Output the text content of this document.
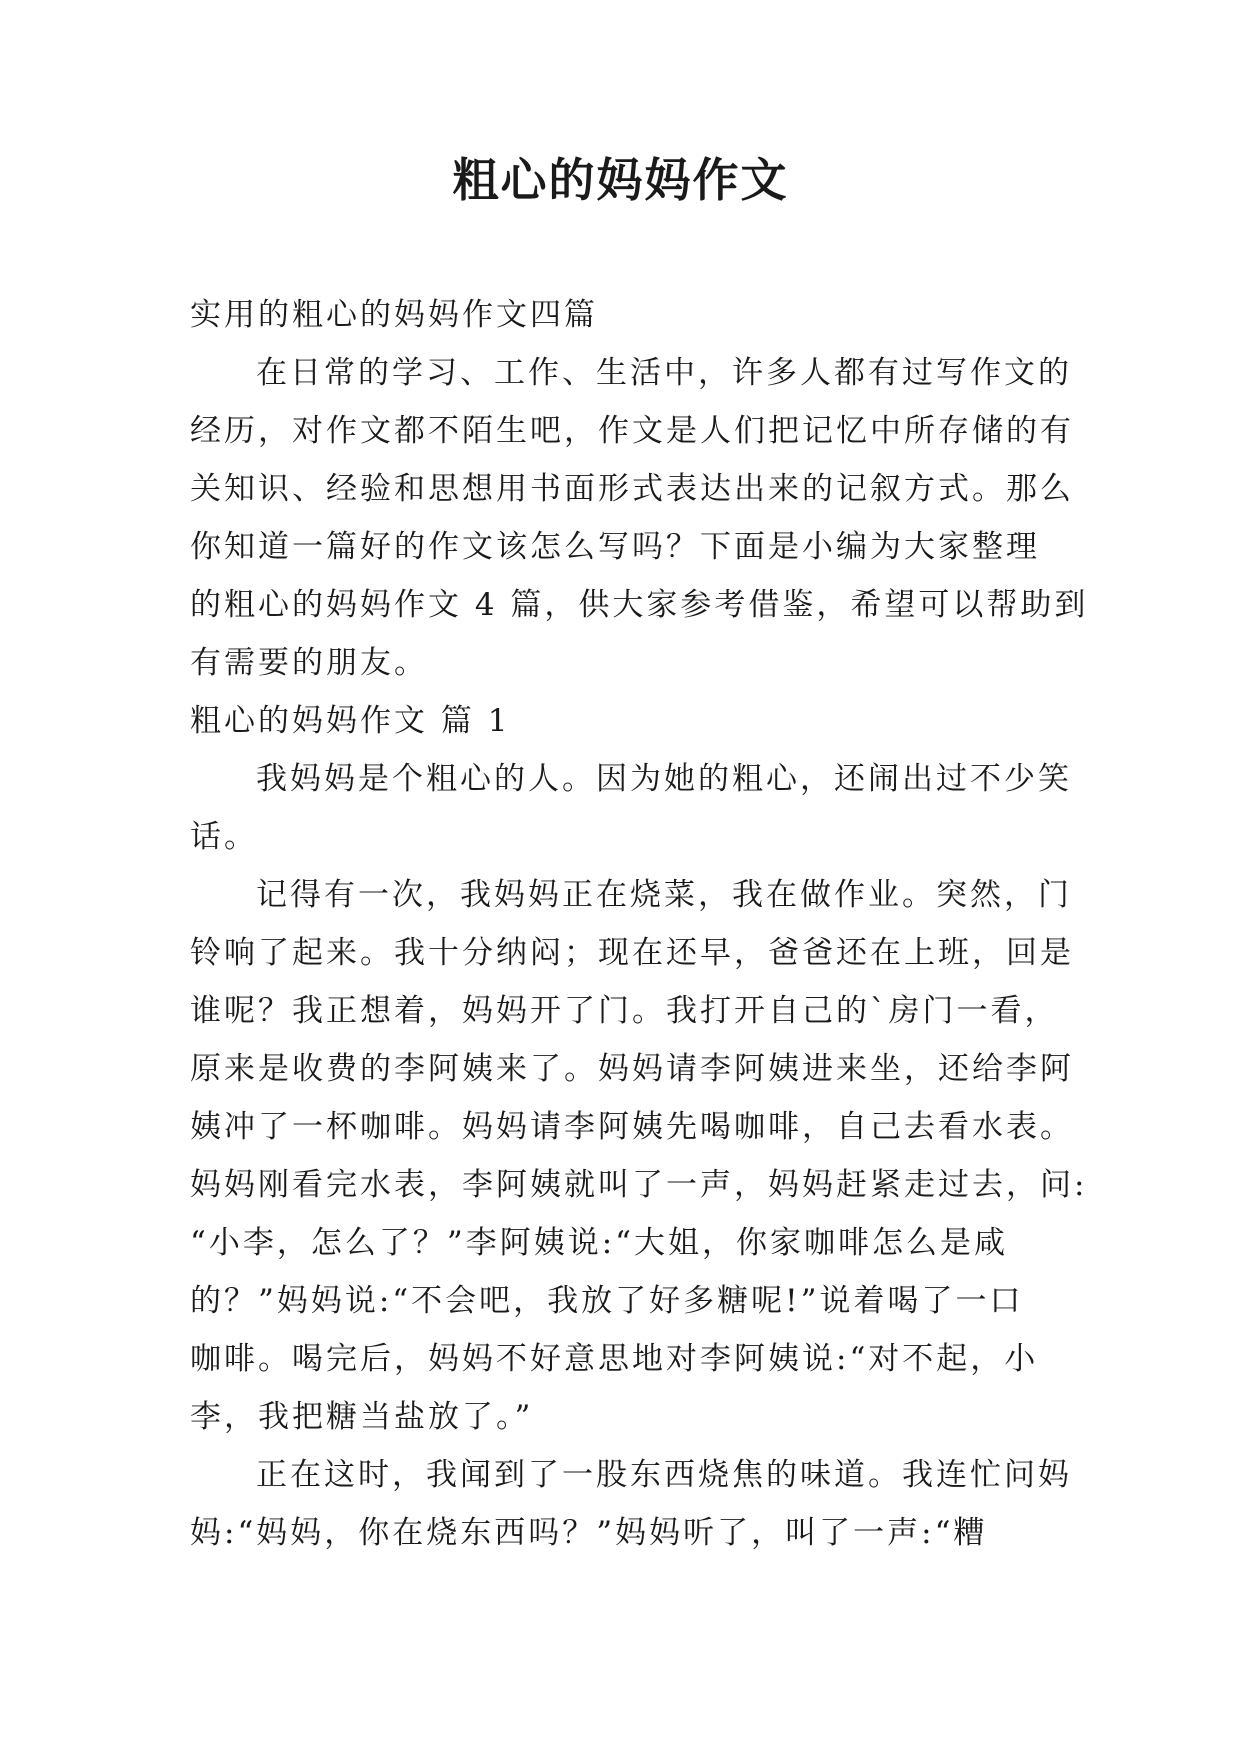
粗心的妈妈作文
实用的粗心的妈妈作文四篇
在日常的学习、工作、生活中，许多人都有过写作文的
经历，对作文都不陌生吧，作文是人们把记忆中所存储的有
关知识、经验和思想用书面形式表达出来的记叙方式。那么
你知道一篇好的作文该怎么写吗？下面是小编为大家整理
的粗心的妈妈作文 4 篇，供大家参考借鉴，希望可以帮助到
有需要的朋友。
粗心的妈妈作文 篇 1
我妈妈是个粗心的人。因为她的粗心，还闹出过不少笑
话。
记得有一次，我妈妈正在烧菜，我在做作业。突然，门
铃响了起来。我十分纳闷；现在还早，爸爸还在上班，回是
谁呢？我正想着，妈妈开了门。我打开自己的`房门一看，
原来是收费的李阿姨来了。妈妈请李阿姨进来坐，还给李阿
姨冲了一杯咖啡。妈妈请李阿姨先喝咖啡，自己去看水表。
妈妈刚看完水表，李阿姨就叫了一声，妈妈赶紧走过去，问:
“小李，怎么了？”李阿姨说:“大姐，你家咖啡怎么是咸
的？”妈妈说:“不会吧，我放了好多糖呢!”说着喝了一口
咖啡。喝完后，妈妈不好意思地对李阿姨说:“对不起，小
李，我把糖当盐放了。”
正在这时，我闻到了一股东西烧焦的味道。我连忙问妈
妈:“妈妈，你在烧东西吗？”妈妈听了，叫了一声:“糟
